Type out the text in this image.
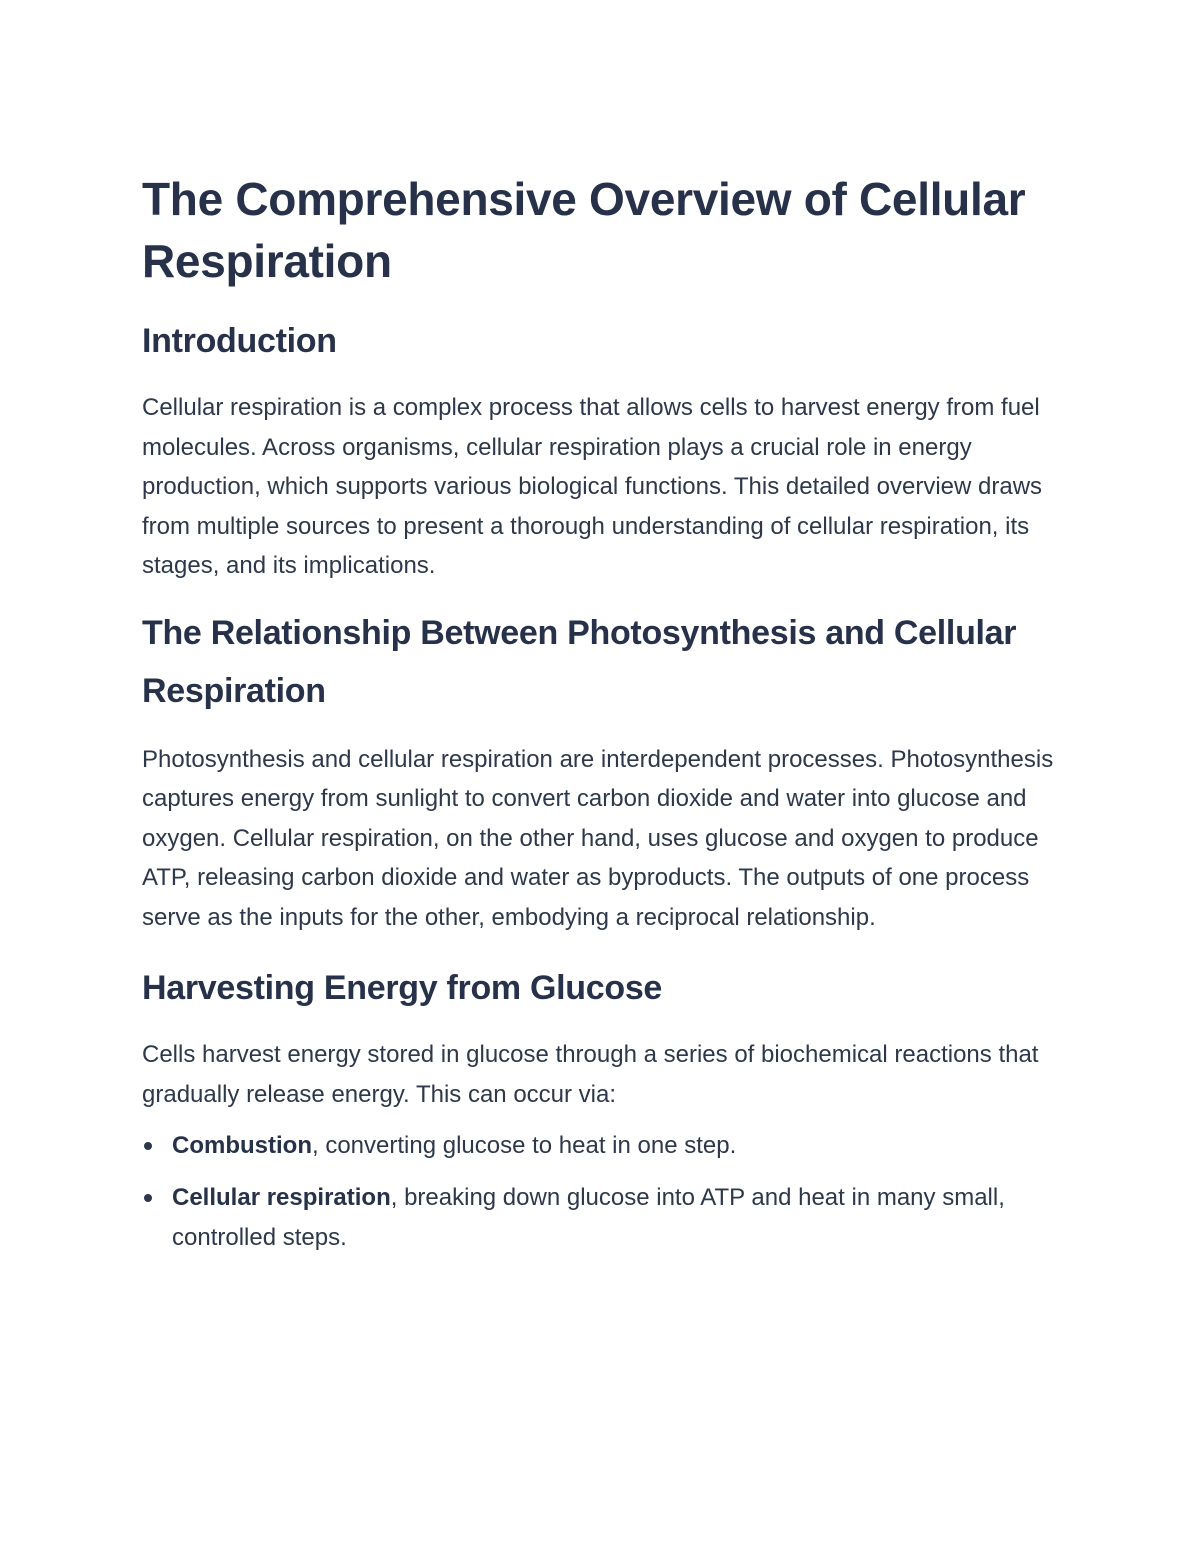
The Comprehensive Overview of Cellular Respiration
Introduction

Cellular respiration is a complex process that allows cells to harvest energy from fuel molecules. Across organisms, cellular respiration plays a crucial role in energy production, which supports various biological functions. This detailed overview draws from multiple sources to present a thorough understanding of cellular respiration, its stages, and its implications.

The Relationship Between Photosynthesis and Cellular Respiration

Photosynthesis and cellular respiration are interdependent processes. Photosynthesis captures energy from sunlight to convert carbon dioxide and water into glucose and oxygen. Cellular respiration, on the other hand, uses glucose and oxygen to produce ATP, releasing carbon dioxide and water as byproducts. The outputs of one process serve as the inputs for the other, embodying a reciprocal relationship.

Harvesting Energy from Glucose

Cells harvest energy stored in glucose through a series of biochemical reactions that gradually release energy. This can occur via:

Combustion, converting glucose to heat in one step.
Cellular respiration, breaking down glucose into ATP and heat in many small, controlled steps.
